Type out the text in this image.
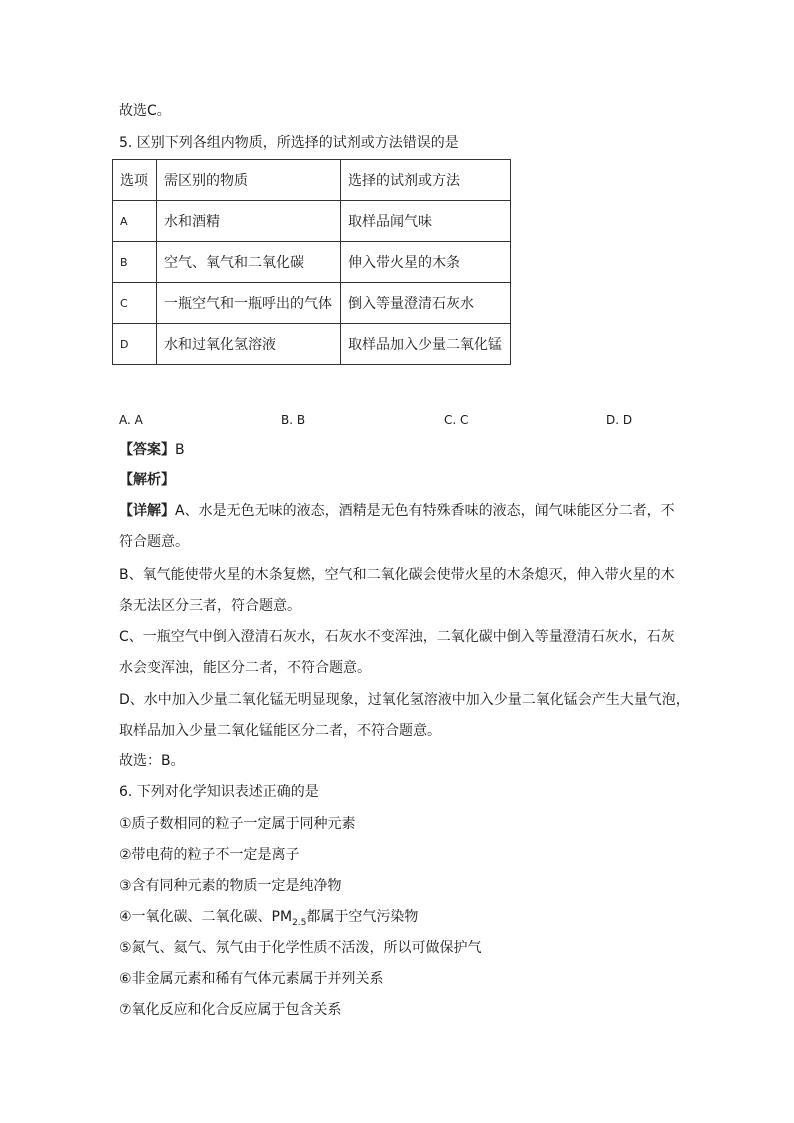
故选C。
5. 区别下列各组内物质，所选择的试剂或方法错误的是
选项	需区别的物质	选择的试剂或方法
A	水和酒精	取样品闻气味
B	空气、氧气和二氧化碳	伸入带火星的木条
C	一瓶空气和一瓶呼出的气体	倒入等量澄清石灰水
D	水和过氧化氢溶液	取样品加入少量二氧化锰
A. A	B. B	C. C	D. D
【答案】B
【解析】
【详解】A、水是无色无味的液态，酒精是无色有特殊香味的液态，闻气味能区分二者，不
符合题意。
B、氧气能使带火星的木条复燃，空气和二氧化碳会使带火星的木条熄灭，伸入带火星的木
条无法区分三者，符合题意。
C、一瓶空气中倒入澄清石灰水，石灰水不变浑浊，二氧化碳中倒入等量澄清石灰水，石灰
水会变浑浊，能区分二者，不符合题意。
D、水中加入少量二氧化锰无明显现象，过氧化氢溶液中加入少量二氧化锰会产生大量气泡，
取样品加入少量二氧化锰能区分二者，不符合题意。
故选：B。
6. 下列对化学知识表述正确的是
①质子数相同的粒子一定属于同种元素
②带电荷的粒子不一定是离子
③含有同种元素的物质一定是纯净物
④一氧化碳、二氧化碳、$PM_{2.5}$都属于空气污染物
⑤氮气、氦气、氖气由于化学性质不活泼，所以可做保护气
⑥非金属元素和稀有气体元素属于并列关系
⑦氧化反应和化合反应属于包含关系
